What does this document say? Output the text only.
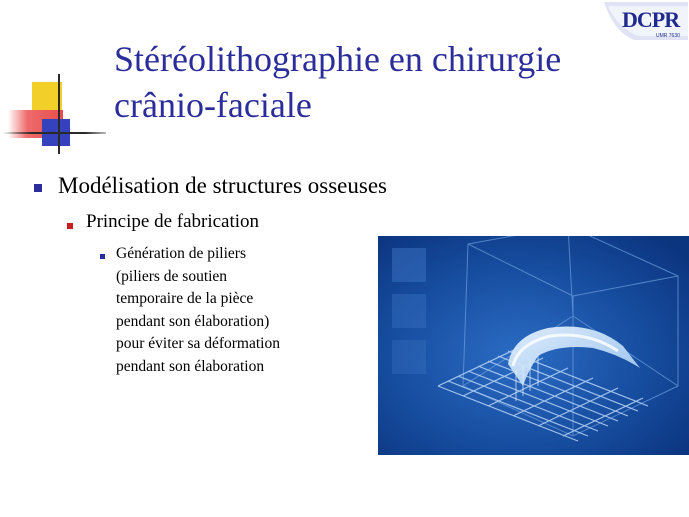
DCPR
UMR 7630
Stéréolithographie en chirurgie
crânio-faciale
Modélisation de structures osseuses
Principe de fabrication
Génération de piliers
(piliers de soutien
temporaire de la pièce
pendant son élaboration)
pour éviter sa déformation
pendant son élaboration
